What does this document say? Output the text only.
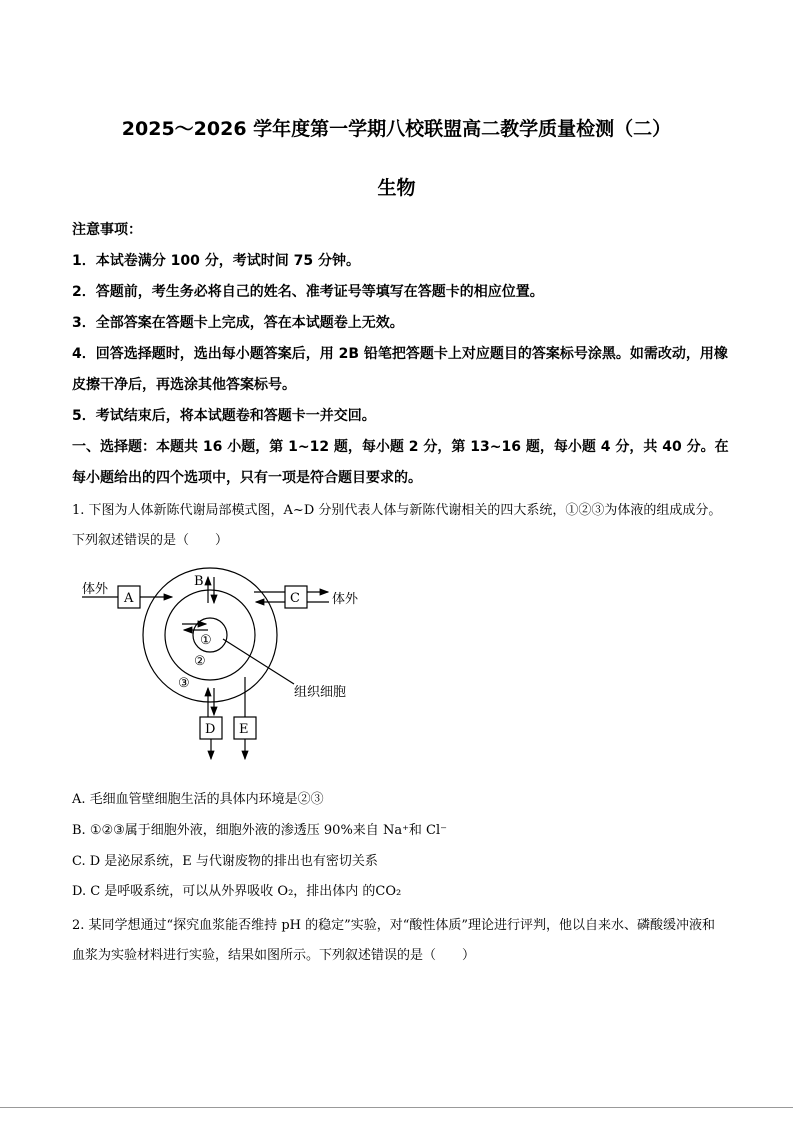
2025～2026 学年度第一学期八校联盟高二教学质量检测（二）
生物
注意事项：
1．本试卷满分 100 分，考试时间 75 分钟。
2．答题前，考生务必将自己的姓名、准考证号等填写在答题卡的相应位置。
3．全部答案在答题卡上完成，答在本试题卷上无效。
4．回答选择题时，选出每小题答案后，用 2B 铅笔把答题卡上对应题目的答案标号涂黑。如需改动，用橡皮擦干净后，再选涂其他答案标号。
5．考试结束后，将本试题卷和答题卡一并交回。
一、选择题：本题共 16 小题，第 1~12 题，每小题 2 分，第 13~16 题，每小题 4 分，共 40 分。在每小题给出的四个选项中，只有一项是符合题目要求的。
1. 下图为人体新陈代谢局部模式图，A~D 分别代表人体与新陈代谢相关的四大系统，①②③为体液的组成成分。下列叙述错误的是（　　）
体外
A
B
C
D E
体外
①
②
③
组织细胞
A. 毛细血管壁细胞生活的具体内环境是②③
B. ①②③属于细胞外液，细胞外液的渗透压 90%来自 Na⁺和 Cl⁻
C. D 是泌尿系统，E 与代谢废物的排出也有密切关系
D. C 是呼吸系统，可以从外界吸收 O₂，排出体内 的CO₂
2. 某同学想通过“探究血浆能否维持 pH 的稳定”实验，对“酸性体质”理论进行评判，他以自来水、磷酸缓冲液和血浆为实验材料进行实验，结果如图所示。下列叙述错误的是（　　）
